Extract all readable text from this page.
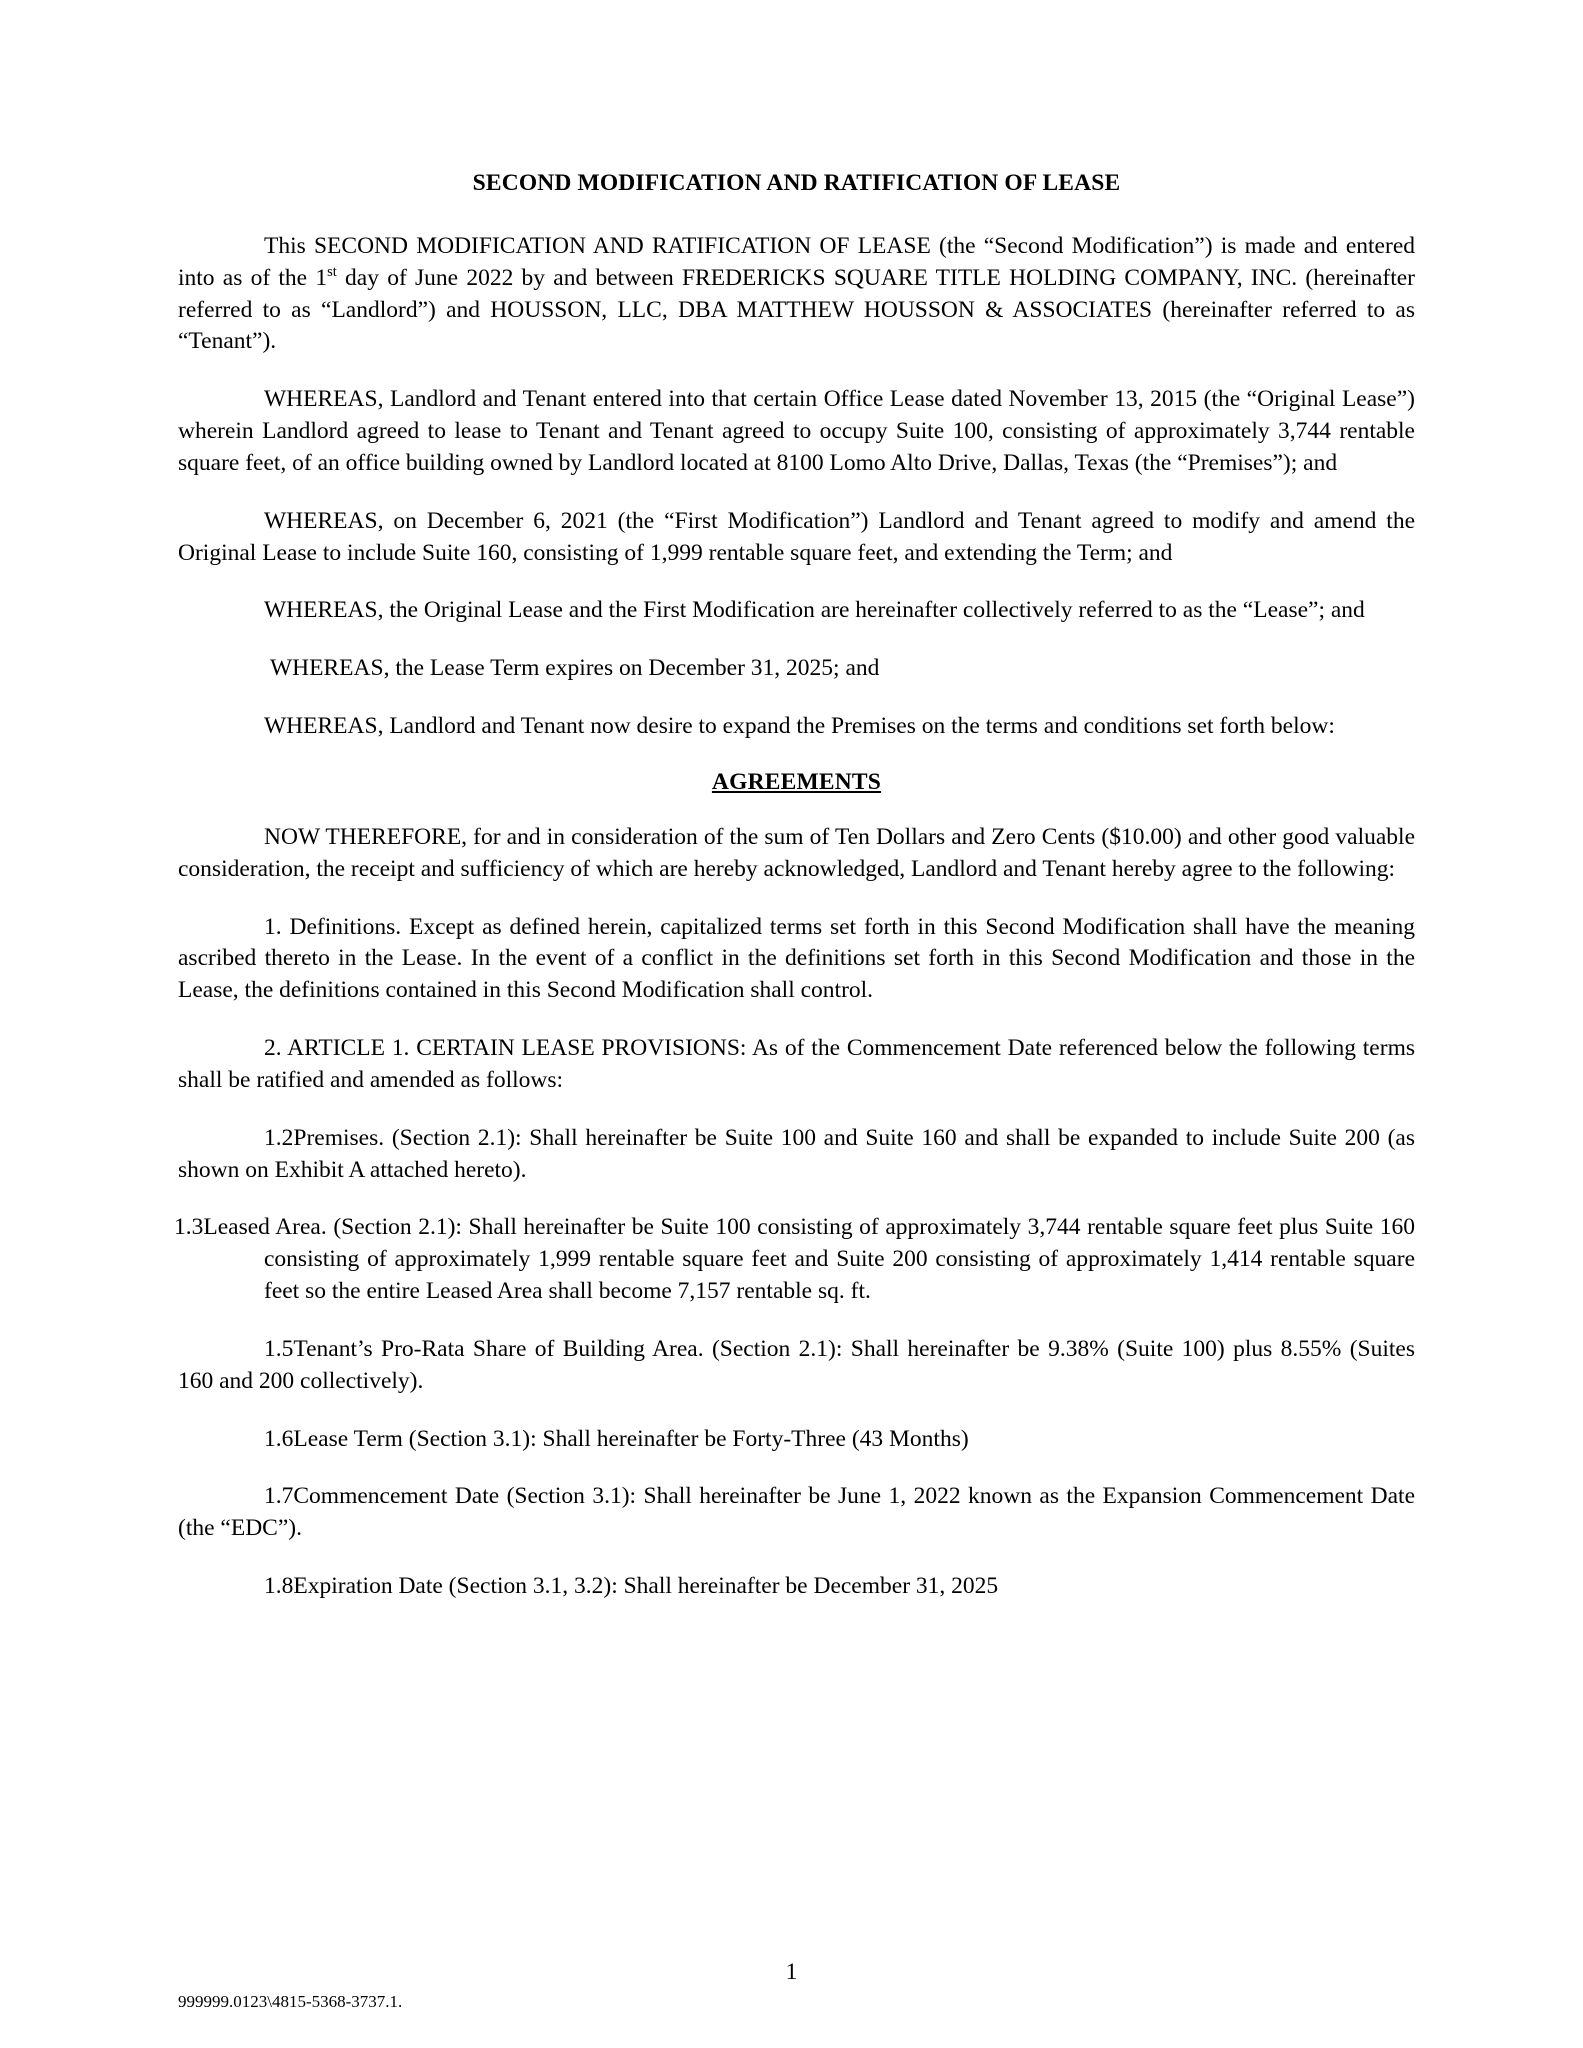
SECOND MODIFICATION AND RATIFICATION OF LEASE

This SECOND MODIFICATION AND RATIFICATION OF LEASE (the “Second Modification”) is made and entered into as of the 1st day of June 2022 by and between FREDERICKS SQUARE TITLE HOLDING COMPANY, INC. (hereinafter referred to as “Landlord”) and HOUSSON, LLC, DBA MATTHEW HOUSSON & ASSOCIATES (hereinafter referred to as “Tenant”).

WHEREAS, Landlord and Tenant entered into that certain Office Lease dated November 13, 2015 (the “Original Lease”) wherein Landlord agreed to lease to Tenant and Tenant agreed to occupy Suite 100, consisting of approximately 3,744 rentable square feet, of an office building owned by Landlord located at 8100 Lomo Alto Drive, Dallas, Texas (the “Premises”); and

WHEREAS, on December 6, 2021 (the “First Modification”) Landlord and Tenant agreed to modify and amend the Original Lease to include Suite 160, consisting of 1,999 rentable square feet, and extending the Term; and

WHEREAS, the Original Lease and the First Modification are hereinafter collectively referred to as the “Lease”; and

WHEREAS, the Lease Term expires on December 31, 2025; and

WHEREAS, Landlord and Tenant now desire to expand the Premises on the terms and conditions set forth below:

AGREEMENTS

NOW THEREFORE, for and in consideration of the sum of Ten Dollars and Zero Cents ($10.00) and other good valuable consideration, the receipt and sufficiency of which are hereby acknowledged, Landlord and Tenant hereby agree to the following:

1. Definitions. Except as defined herein, capitalized terms set forth in this Second Modification shall have the meaning ascribed thereto in the Lease. In the event of a conflict in the definitions set forth in this Second Modification and those in the Lease, the definitions contained in this Second Modification shall control.

2. ARTICLE 1. CERTAIN LEASE PROVISIONS: As of the Commencement Date referenced below the following terms shall be ratified and amended as follows:

1.2Premises. (Section 2.1): Shall hereinafter be Suite 100 and Suite 160 and shall be expanded to include Suite 200 (as shown on Exhibit A attached hereto).
1.3Leased Area. (Section 2.1): Shall hereinafter be Suite 100 consisting of approximately 3,744 rentable square feet plus Suite 160 consisting of approximately 1,999 rentable square feet and Suite 200 consisting of approximately 1,414 rentable square feet so the entire Leased Area shall become 7,157 rentable sq. ft.
1.5Tenant’s Pro-Rata Share of Building Area. (Section 2.1): Shall hereinafter be 9.38% (Suite 100) plus 8.55% (Suites 160 and 200 collectively).
1.6Lease Term (Section 3.1): Shall hereinafter be Forty-Three (43 Months)
1.7Commencement Date (Section 3.1): Shall hereinafter be June 1, 2022 known as the Expansion Commencement Date (the “EDC”).
1.8Expiration Date (Section 3.1, 3.2): Shall hereinafter be December 31, 2025
1
999999.0123\4815-5368-3737.1.
